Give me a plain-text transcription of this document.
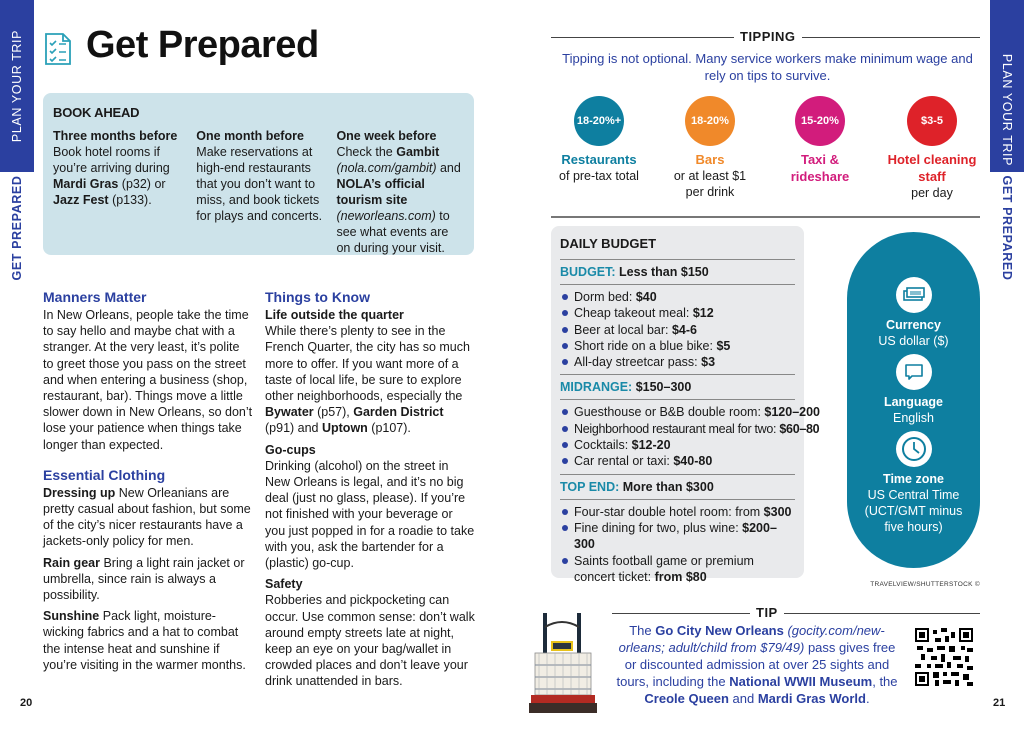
PLAN YOUR TRIP
GET PREPARED
PLAN YOUR TRIP
GET PREPARED
20	21
Get Prepared
BOOK AHEAD
Three months before
Book hotel rooms if you’re arriving during Mardi Gras (p32) or Jazz Fest (p133).
One month before
Make reservations at high-end restaurants that you don’t want to miss, and book tickets for plays and concerts.
One week before
Check the Gambit (nola.com/gambit) and NOLA’s official tourism site (neworleans.com) to see what events are on during your visit.
Manners Matter

In New Orleans, people take the time to say hello and maybe chat with a stranger. At the very least, it’s polite to greet those you pass on the street and when entering a business (shop, restaurant, bar). Things move a little slower down in New Orleans, so don’t lose your patience when things take longer than expected.

Essential Clothing

Dressing up New Orleanians are pretty casual about fashion, but some of the city’s nicer restaurants have a jackets-only policy for men.

Rain gear Bring a light rain jacket or umbrella, since rain is always a possibility.

Sunshine Pack light, moisture-wicking fabrics and a hat to combat the intense heat and sunshine if you’re visiting in the warmer months.

Things to Know
Life outside the quarter

While there’s plenty to see in the French Quarter, the city has so much more to offer. If you want more of a taste of local life, be sure to explore other neighborhoods, especially the Bywater (p57), Garden District (p91) and Uptown (p107).

Go-cups

Drinking (alcohol) on the street in New Orleans is legal, and it’s no big deal (just no glass, please). If you’re not finished with your beverage or you just popped in for a roadie to take with you, ask the bartender for a (plastic) go-cup.

Safety

Robberies and pickpocketing can occur. Use common sense: don’t walk around empty streets late at night, keep an eye on your bag/wallet in crowded places and don’t leave your drink unattended in bars.

TIPPING
Tipping is not optional. Many service workers make minimum wage and rely on tips to survive.
18-20%+
Restaurants
of pre-tax total
18-20%
Bars
or at least $1 per drink
15-20%
Taxi & rideshare
$3-5
Hotel cleaning staff
per day
DAILY BUDGET
BUDGET: Less than $150
Dorm bed: $40
Cheap takeout meal: $12
Beer at local bar: $4-6
Short ride on a blue bike: $5
All-day streetcar pass: $3
MIDRANGE: $150–300
Guesthouse or B&B double room: $120–200
Neighborhood restaurant meal for two: $60–80
Cocktails: $12-20
Car rental or taxi: $40-80
TOP END: More than $300
Four-star double hotel room: from $300
Fine dining for two, plus wine: $200–300
Saints football game or premium concert ticket: from $80
Currency
US dollar ($)
Language
English
Time zone
US Central Time (UCT/GMT minus five hours)
TRAVELVIEW/SHUTTERSTOCK ©
TIP
The Go City New Orleans (gocity.com/new-orleans; adult/child from $79/49) pass gives free or discounted admission at over 25 sights and tours, including the National WWII Museum, the Creole Queen and Mardi Gras World.
